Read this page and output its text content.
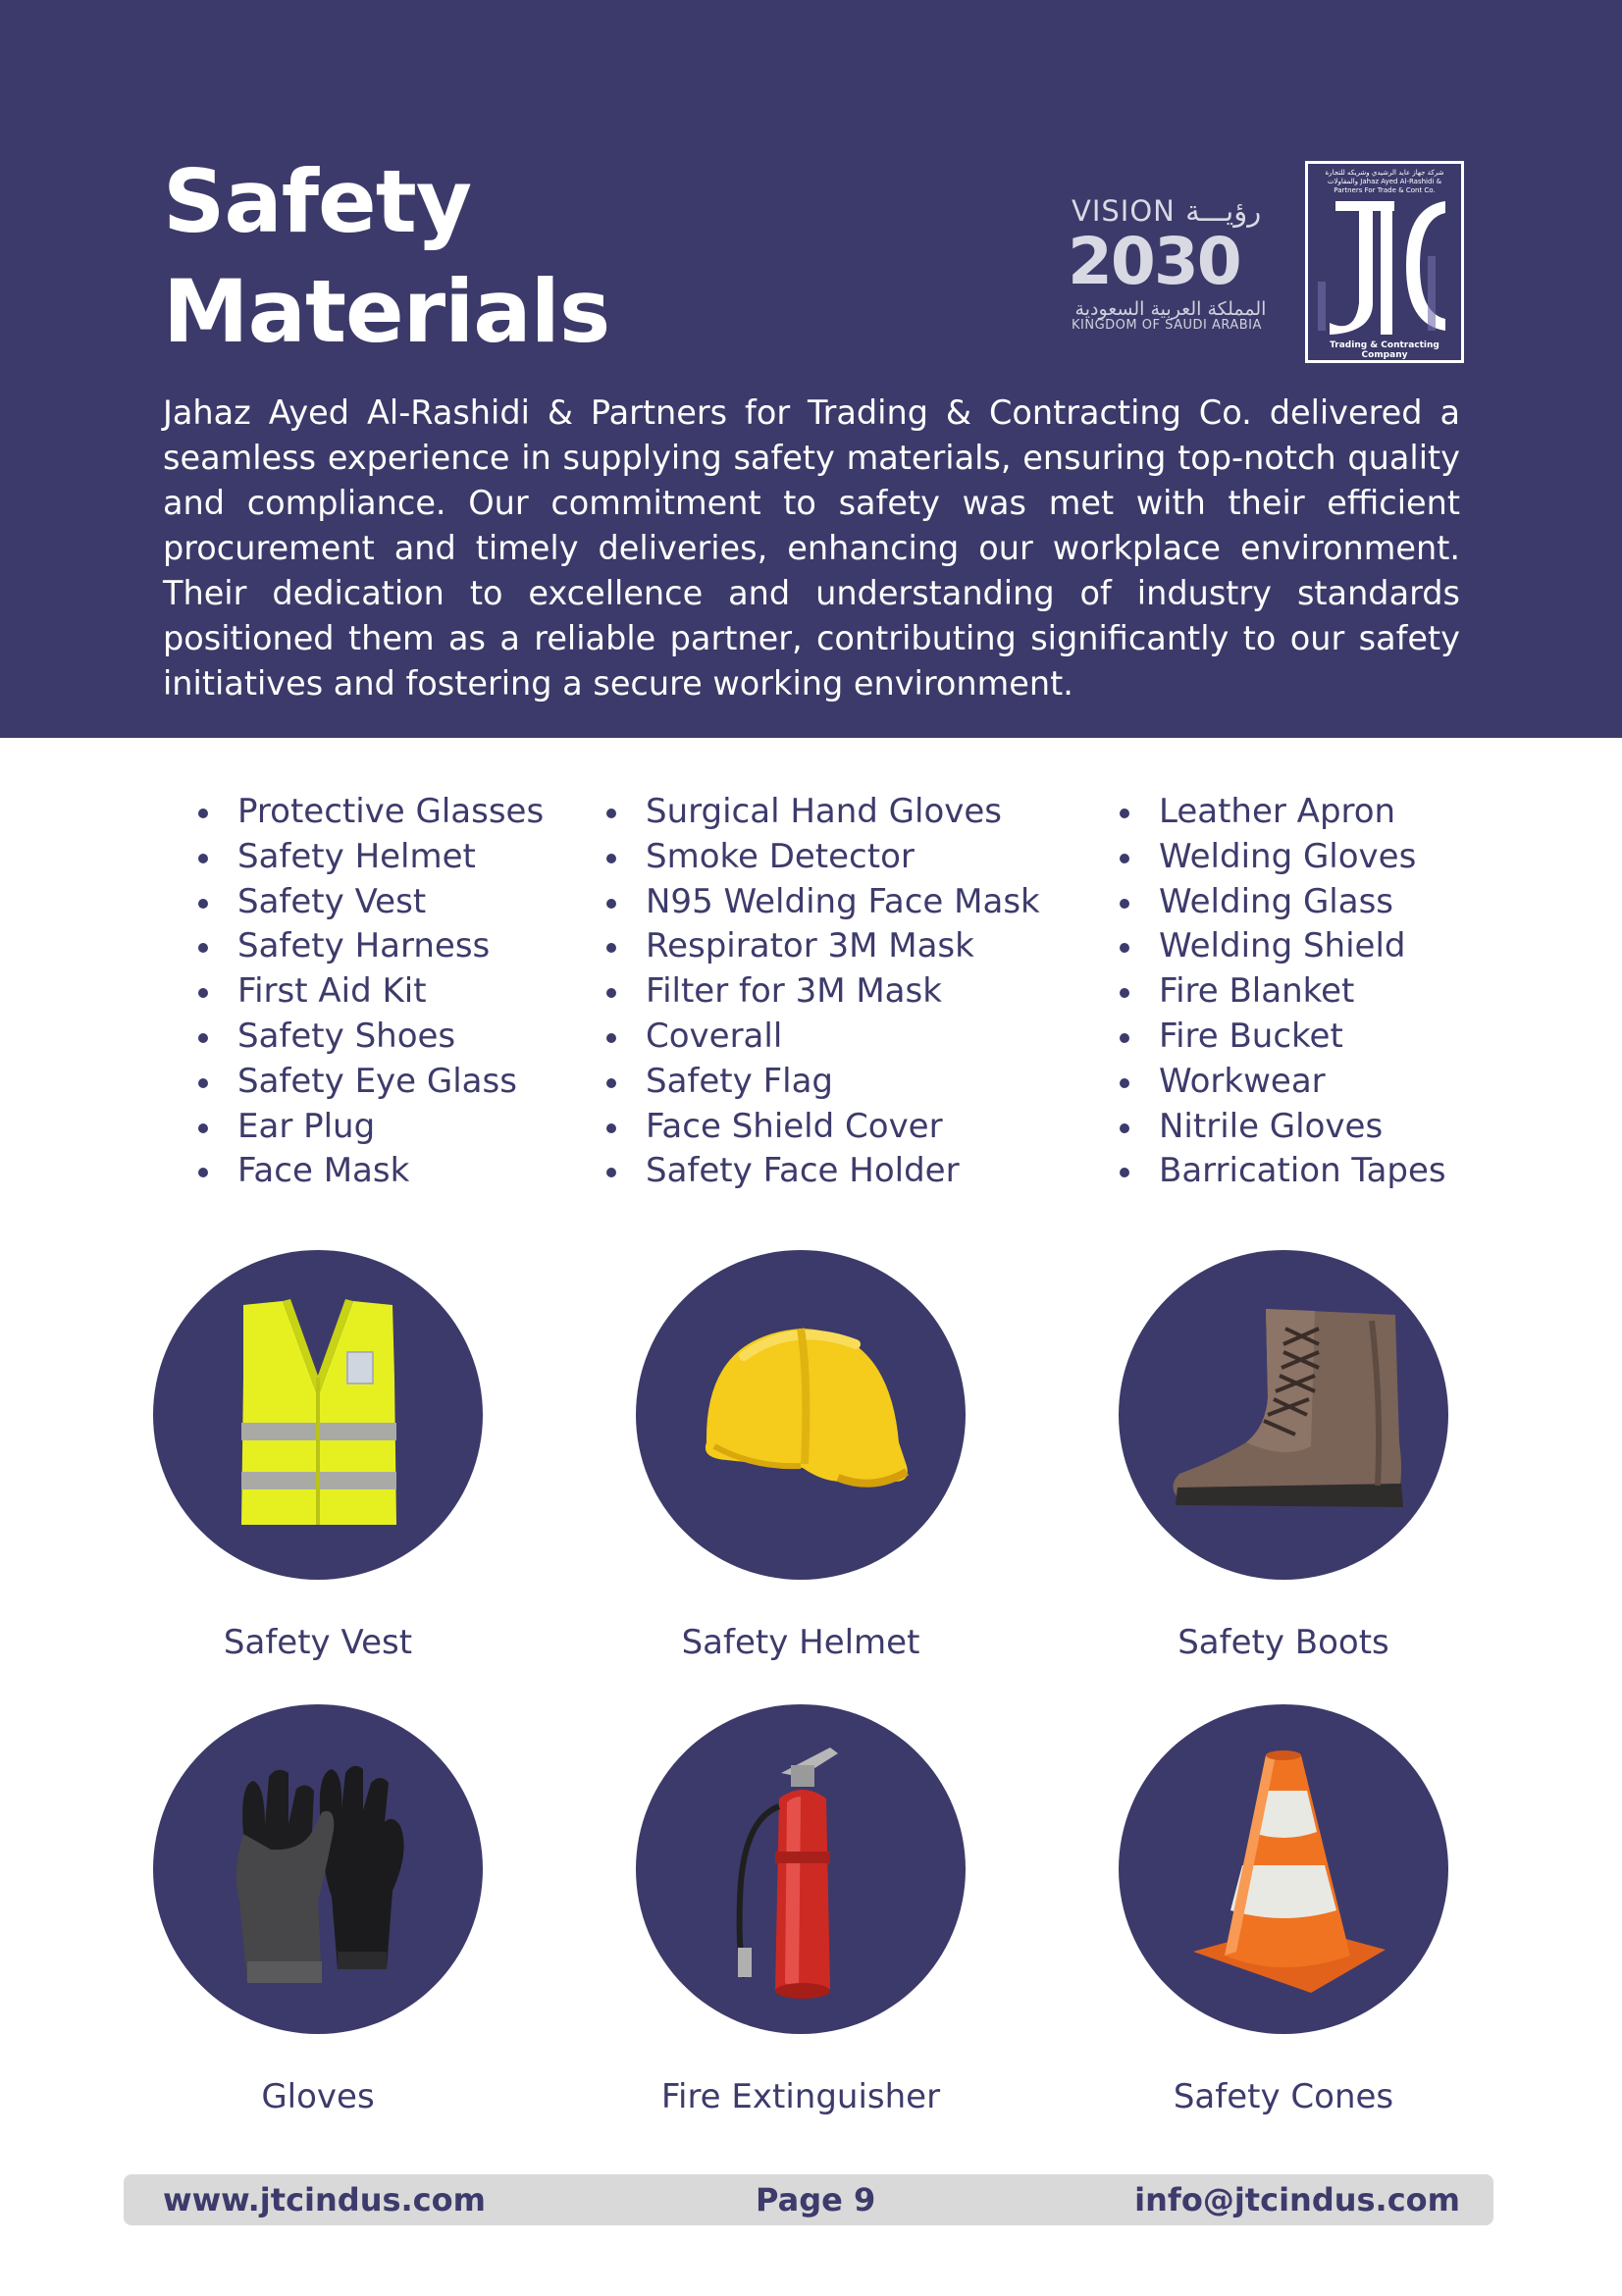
Safety
Materials
VISION رؤيـــة
2030
المملكة العربية السعودية
KINGDOM OF SAUDI ARABIA
شركة جهاز عايد الرشيدي وشريكه للتجارة والمقاولات Jahaz Ayed Al-Rashidi & Partners For Trade & Cont Co.
Trading & Contracting Company

Jahaz Ayed Al-Rashidi & Partners for Trading & Contracting Co. delivered a seamless experience in supplying safety materials, ensuring top-notch quality and compliance. Our commitment to safety was met with their efficient procurement and timely deliveries, enhancing our workplace environment. Their dedication to excellence and understanding of industry standards positioned them as a reliable partner, contributing significantly to our safety initiatives and fostering a secure working environment.

Protective Glasses
Safety Helmet
Safety Vest
Safety Harness
First Aid Kit
Safety Shoes
Safety Eye Glass
Ear Plug
Face Mask
Surgical Hand Gloves
Smoke Detector
N95 Welding Face Mask
Respirator 3M Mask
Filter for 3M Mask
Coverall
Safety Flag
Face Shield Cover
Safety Face Holder
Leather Apron
Welding Gloves
Welding Glass
Welding Shield
Fire Blanket
Fire Bucket
Workwear
Nitrile Gloves
Barrication Tapes
Safety Vest	Safety Helmet	Safety Boots
Gloves	Fire Extinguisher	Safety Cones
www.jtcindus.com	Page 9	info@jtcindus.com
